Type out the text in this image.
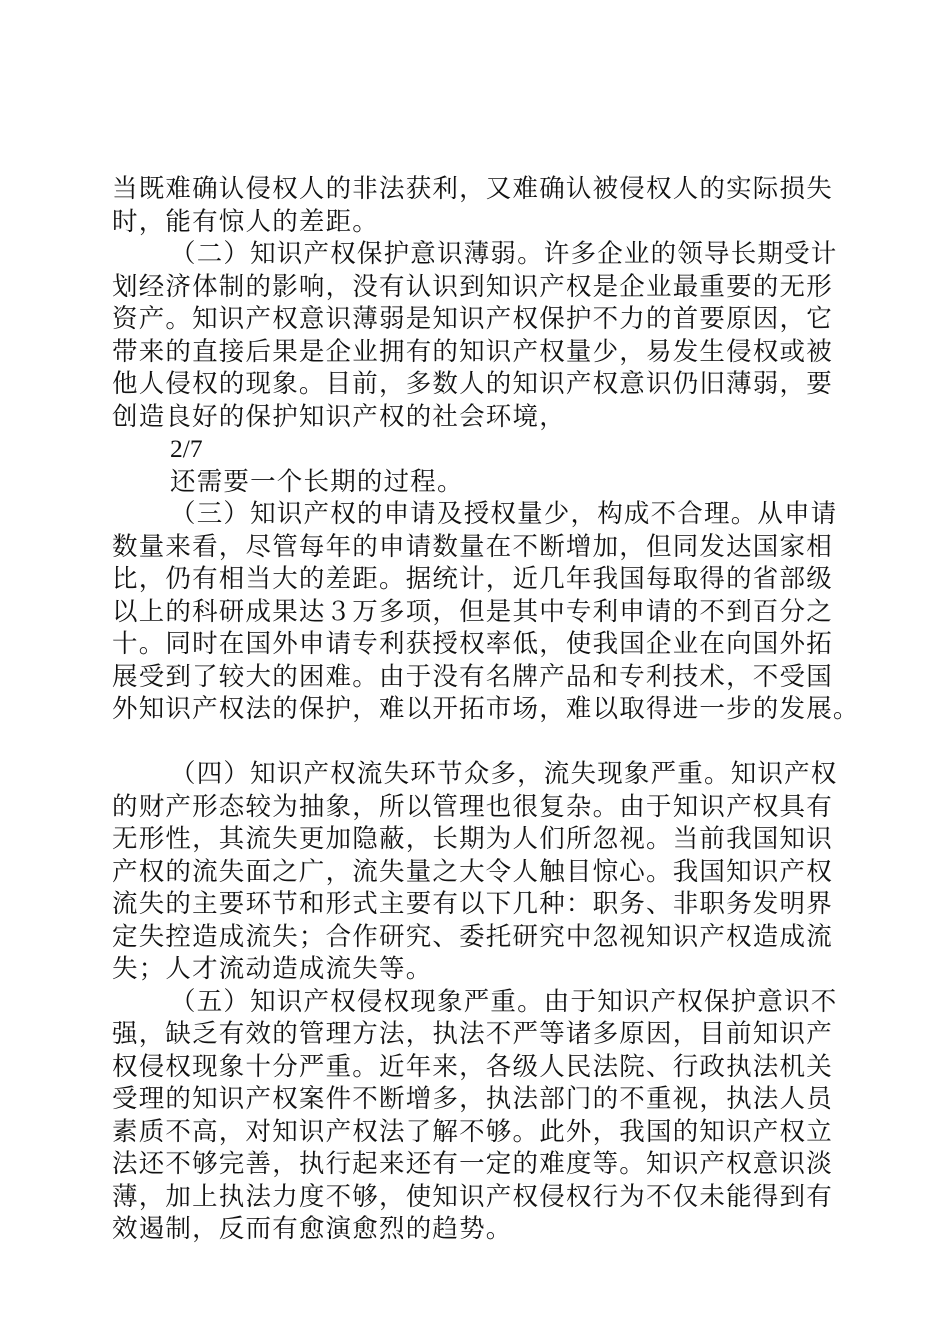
当既难确认侵权人的非法获利，又难确认被侵权人的实际损失
时，能有惊人的差距。
（二）知识产权保护意识薄弱。许多企业的领导长期受计
划经济体制的影响，没有认识到知识产权是企业最重要的无形
资产。知识产权意识薄弱是知识产权保护不力的首要原因，它
带来的直接后果是企业拥有的知识产权量少，易发生侵权或被
他人侵权的现象。目前，多数人的知识产权意识仍旧薄弱，要
创造良好的保护知识产权的社会环境，
2/7
还需要一个长期的过程。
（三）知识产权的申请及授权量少，构成不合理。从申请
数量来看，尽管每年的申请数量在不断增加，但同发达国家相
比，仍有相当大的差距。据统计，近几年我国每取得的省部级
以上的科研成果达３万多项，但是其中专利申请的不到百分之
十。同时在国外申请专利获授权率低，使我国企业在向国外拓
展受到了较大的困难。由于没有名牌产品和专利技术，不受国
外知识产权法的保护，难以开拓市场，难以取得进一步的发展。
（四）知识产权流失环节众多，流失现象严重。知识产权
的财产形态较为抽象，所以管理也很复杂。由于知识产权具有
无形性，其流失更加隐蔽，长期为人们所忽视。当前我国知识
产权的流失面之广，流失量之大令人触目惊心。我国知识产权
流失的主要环节和形式主要有以下几种：职务、非职务发明界
定失控造成流失；合作研究、委托研究中忽视知识产权造成流
失；人才流动造成流失等。
（五）知识产权侵权现象严重。由于知识产权保护意识不
强，缺乏有效的管理方法，执法不严等诸多原因，目前知识产
权侵权现象十分严重。近年来，各级人民法院、行政执法机关
受理的知识产权案件不断增多，执法部门的不重视，执法人员
素质不高，对知识产权法了解不够。此外，我国的知识产权立
法还不够完善，执行起来还有一定的难度等。知识产权意识淡
薄，加上执法力度不够，使知识产权侵权行为不仅未能得到有
效遏制，反而有愈演愈烈的趋势。
